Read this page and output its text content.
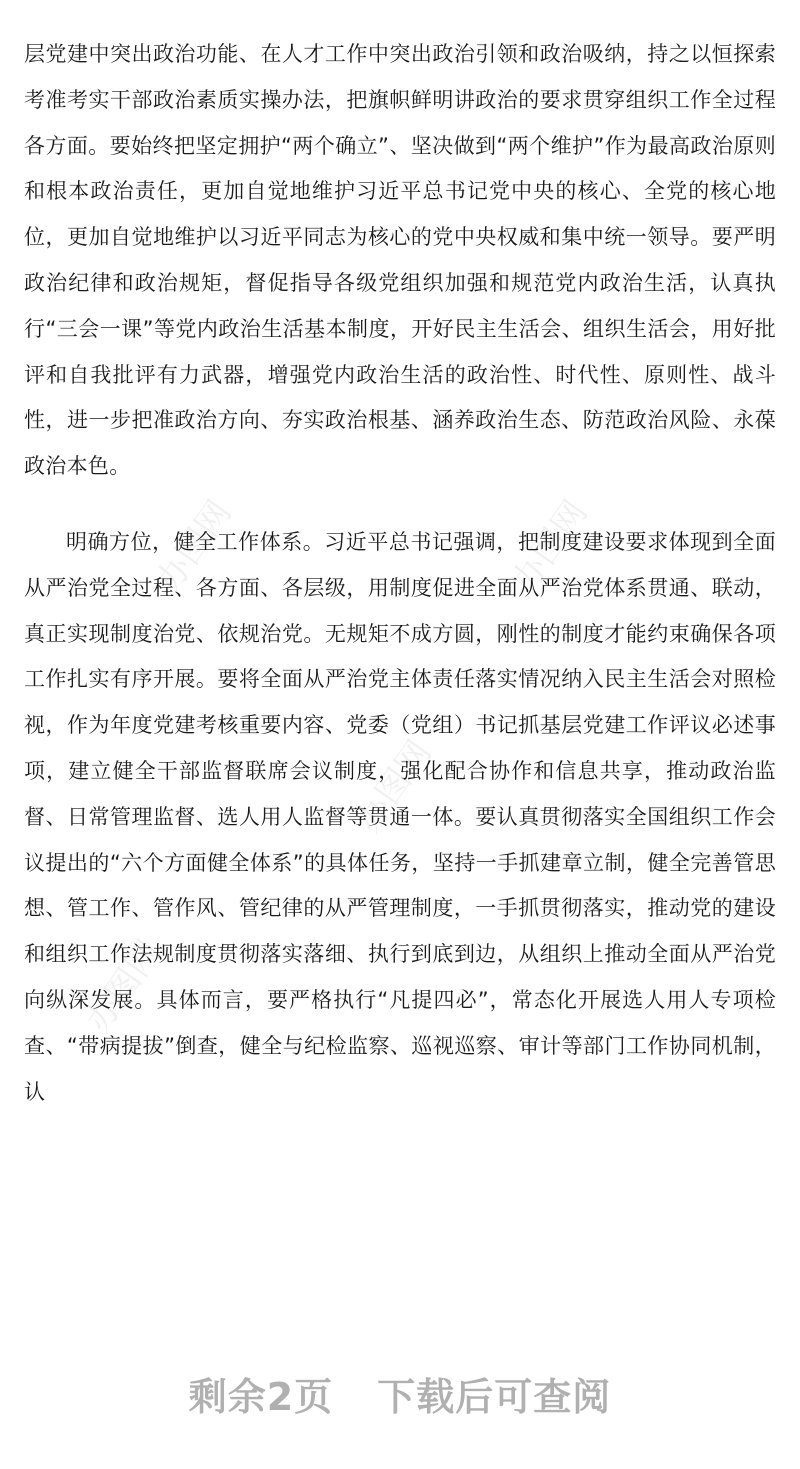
办图网	办图网
办图网
办图网

层党建中突出政治功能、在人才工作中突出政治引领和政治吸纳，持之以恒探索考准考实干部政治素质实操办法，把旗帜鲜明讲政治的要求贯穿组织工作全过程各方面。要始终把坚定拥护“两个确立”、坚决做到“两个维护”作为最高政治原则和根本政治责任，更加自觉地维护习近平总书记党中央的核心、全党的核心地位，更加自觉地维护以习近平同志为核心的党中央权威和集中统一领导。要严明政治纪律和政治规矩，督促指导各级党组织加强和规范党内政治生活，认真执行“三会一课”等党内政治生活基本制度，开好民主生活会、组织生活会，用好批评和自我批评有力武器，增强党内政治生活的政治性、时代性、原则性、战斗性，进一步把准政治方向、夯实政治根基、涵养政治生态、防范政治风险、永葆政治本色。

明确方位，健全工作体系。习近平总书记强调，把制度建设要求体现到全面从严治党全过程、各方面、各层级，用制度促进全面从严治党体系贯通、联动，真正实现制度治党、依规治党。无规矩不成方圆，刚性的制度才能约束确保各项工作扎实有序开展。要将全面从严治党主体责任落实情况纳入民主生活会对照检视，作为年度党建考核重要内容、党委（党组）书记抓基层党建工作评议必述事项，建立健全干部监督联席会议制度，强化配合协作和信息共享，推动政治监督、日常管理监督、选人用人监督等贯通一体。要认真贯彻落实全国组织工作会议提出的“六个方面健全体系”的具体任务，坚持一手抓建章立制，健全完善管思想、管工作、管作风、管纪律的从严管理制度，一手抓贯彻落实，推动党的建设和组织工作法规制度贯彻落实落细、执行到底到边，从组织上推动全面从严治党向纵深发展。具体而言，要严格执行“凡提四必”，常态化开展选人用人专项检查、“带病提拔”倒查，健全与纪检监察、巡视巡察、审计等部门工作协同机制，认

剩余2页 下载后可查阅
